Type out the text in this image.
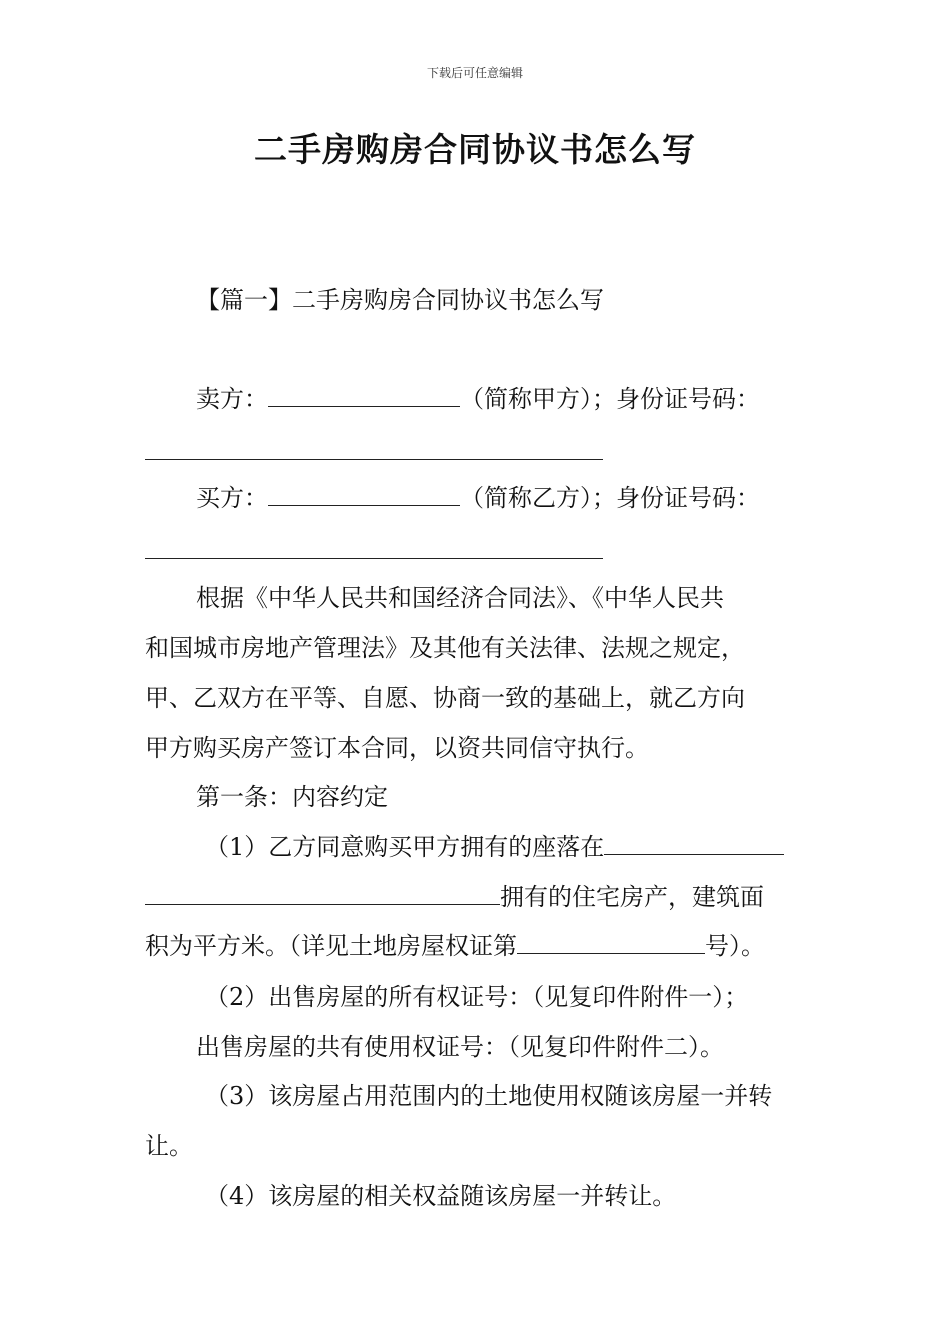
下载后可任意编辑
二手房购房合同协议书怎么写
【篇一】二手房购房合同协议书怎么写
卖方：	（简称甲方）；身份证号码：
买方：	（简称乙方）；身份证号码：
根据《中华人民共和国经济合同法》、《中华人民共
和国城市房地产管理法》及其他有关法律、法规之规定，
甲、乙双方在平等、自愿、协商一致的基础上，就乙方向
甲方购买房产签订本合同，以资共同信守执行。
第一条：内容约定
（1）乙方同意购买甲方拥有的座落在
拥有的住宅房产，建筑面
积为平方米。（详见土地房屋权证第	号）。
（2）出售房屋的所有权证号：（见复印件附件一）；
出售房屋的共有使用权证号：（见复印件附件二）。
（3）该房屋占用范围内的土地使用权随该房屋一并转
让。
（4）该房屋的相关权益随该房屋一并转让。
